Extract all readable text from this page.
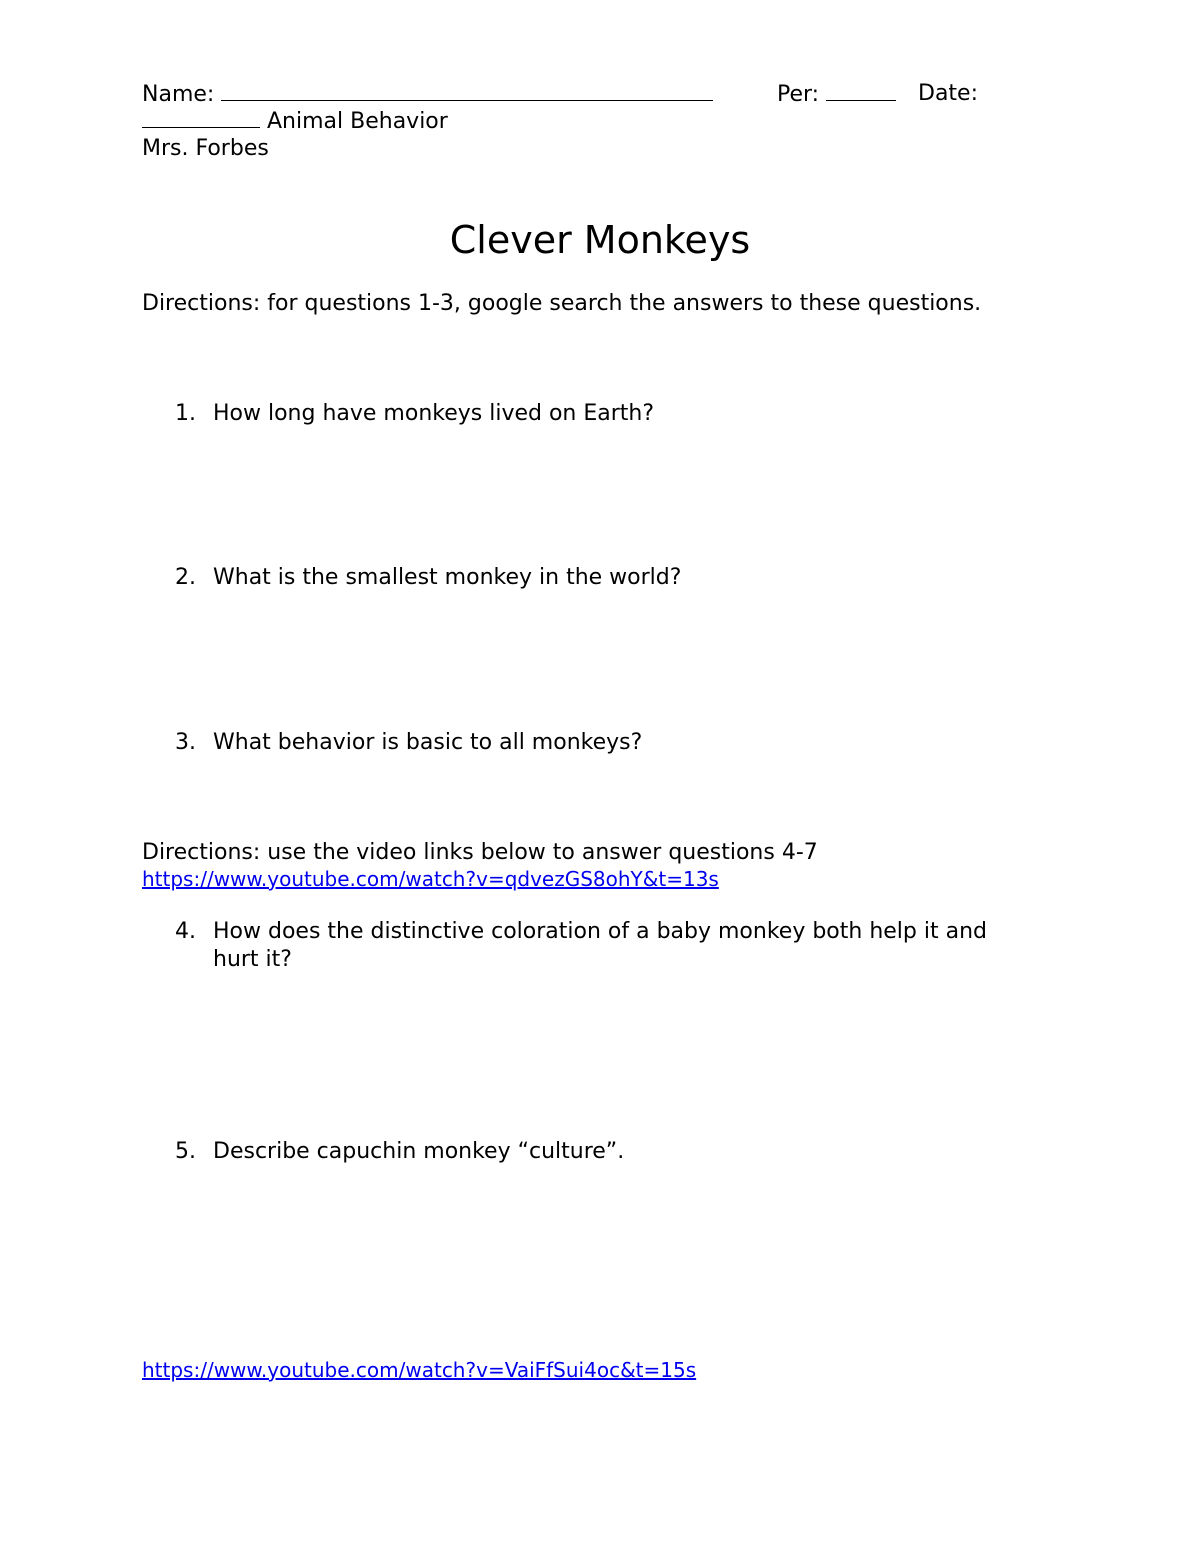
Name:	Per:	Date:
Animal Behavior
Mrs. Forbes
Clever Monkeys
Directions: for questions 1-3, google search the answers to these questions.
1. How long have monkeys lived on Earth?
2. What is the smallest monkey in the world?
3. What behavior is basic to all monkeys?
Directions: use the video links below to answer questions 4-7
https://www.youtube.com/watch?v=qdvezGS8ohY&t=13s
4. How does the distinctive coloration of a baby monkey both help it and
hurt it?
5. Describe capuchin monkey “culture”.
https://www.youtube.com/watch?v=VaiFfSui4oc&t=15s
